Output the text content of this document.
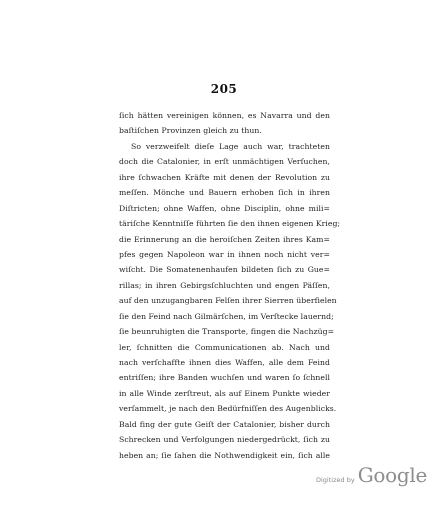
205
ſich hätten vereinigen können, es Navarra und den
baſtiſchen Provinzen gleich zu thun.
So verzweifelt dieſe Lage auch war, trachteten
doch die Catalonier, in erſt unmächtigen Verſuchen,
ihre ſchwachen Kräfte mit denen der Revolution zu
meſſen. Mönche und Bauern erhoben ſich in ihren
Diſtricten; ohne Waffen, ohne Disciplin, ohne mili=
täriſche Kenntniſſe führten ſie den ihnen eigenen Krieg;
die Erinnerung an die heroiſchen Zeiten ihres Kam=
pfes gegen Napoleon war in ihnen noch nicht ver=
wiſcht. Die Somatenenhaufen bildeten ſich zu Gue=
rillas; in ihren Gebirgsſchluchten und engen Päſſen,
auf den unzugangbaren Felſen ihrer Sierren überfielen
ſie den Feind nach Gilmärſchen, im Verſtecke lauernd;
ſie beunruhigten die Transporte, fingen die Nachzüg=
ler, ſchnitten die Communicationen ab. Nach und
nach verſchaffte ihnen dies Waffen, alle dem Feind
entriſſen; ihre Banden wuchſen und waren ſo ſchnell
in alle Winde zerſtreut, als auf Einem Punkte wieder
verſammelt, je nach den Bedürfniſſen des Augenblicks.
Bald fing der gute Geiſt der Catalonier, bisher durch
Schrecken und Verfolgungen niedergedrückt, ſich zu
heben an; ſie ſahen die Nothwendigkeit ein, ſich alle
Digitized by Google
